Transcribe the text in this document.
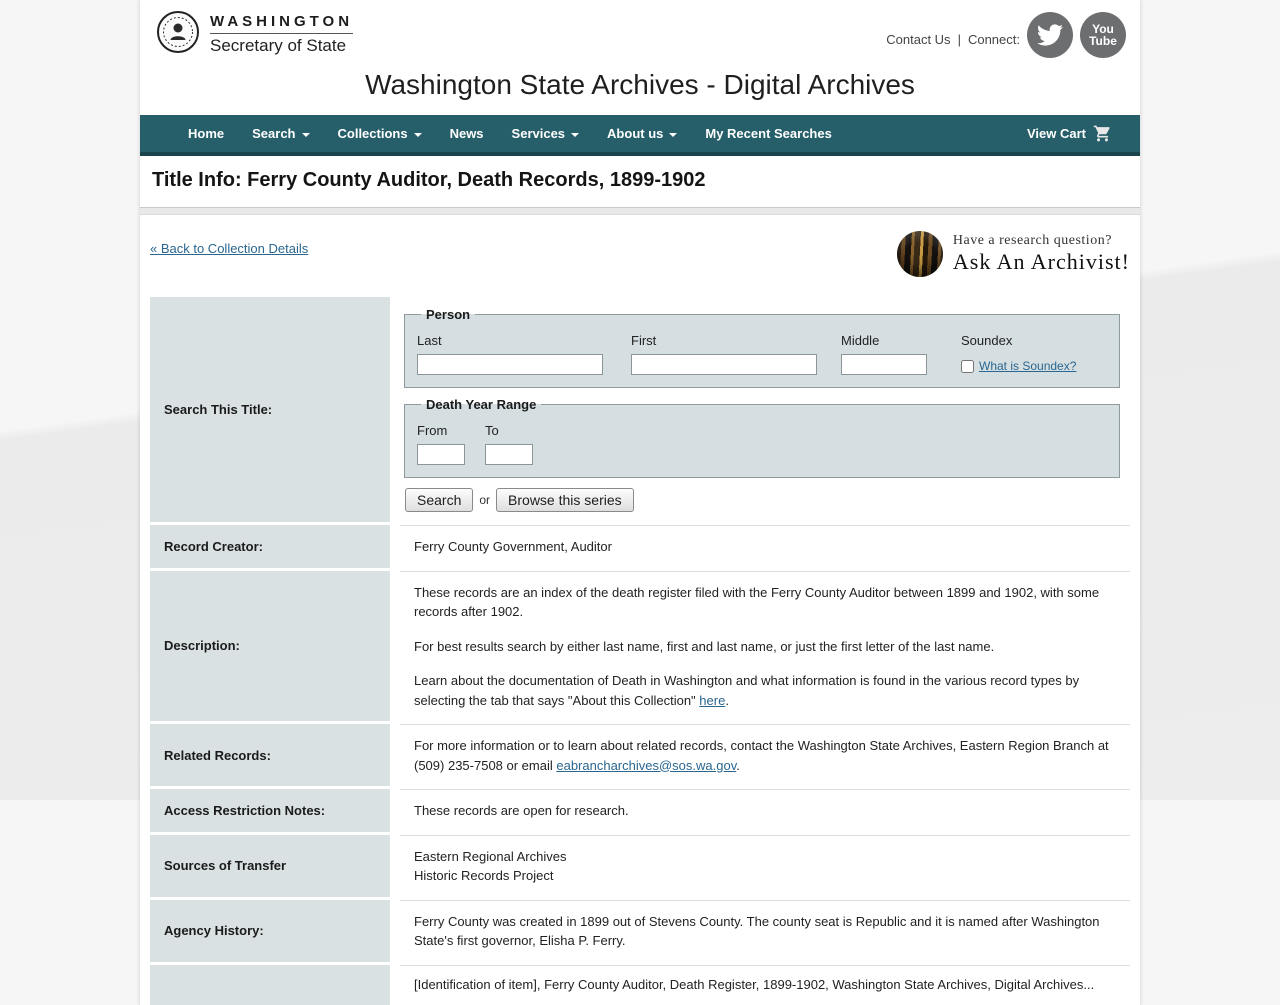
WASHINGTON
Secretary of State	Contact Us | Connect:
You
Tube
Washington State Archives - Digital Archives
Home	Search	Collections	News	Services	About us	My Recent Searches	View Cart
Title Info: Ferry County Auditor, Death Records, 1899-1902
« Back to Collection Details
Have a research question?
Ask An Archivist!
Search This Title:
Person
Last	First	Middle	Soundex
What is Soundex?
Death Year Range
From	To
Search	or	Browse this series
Record Creator:	Ferry County Government, Auditor
Description:

These records are an index of the death register filed with the Ferry County Auditor between 1899 and 1902, with some records after 1902.

For best results search by either last name, first and last name, or just the first letter of the last name.

Learn about the documentation of Death in Washington and what information is found in the various record types by selecting the tab that says "About this Collection" here.

Related Records:

For more information or to learn about related records, contact the Washington State Archives, Eastern Region Branch at (509) 235-7508 or email eabrancharchives@sos.wa.gov.

Access Restriction Notes:	These records are open for research.
Sources of Transfer
Eastern Regional Archives
Historic Records Project
Agency History:
Ferry County was created in 1899 out of Stevens County. The county seat is Republic and it is named after Washington State's first governor, Elisha P. Ferry.
[Identification of item], Ferry County Auditor, Death Register, 1899-1902, Washington State Archives, Digital Archives...
